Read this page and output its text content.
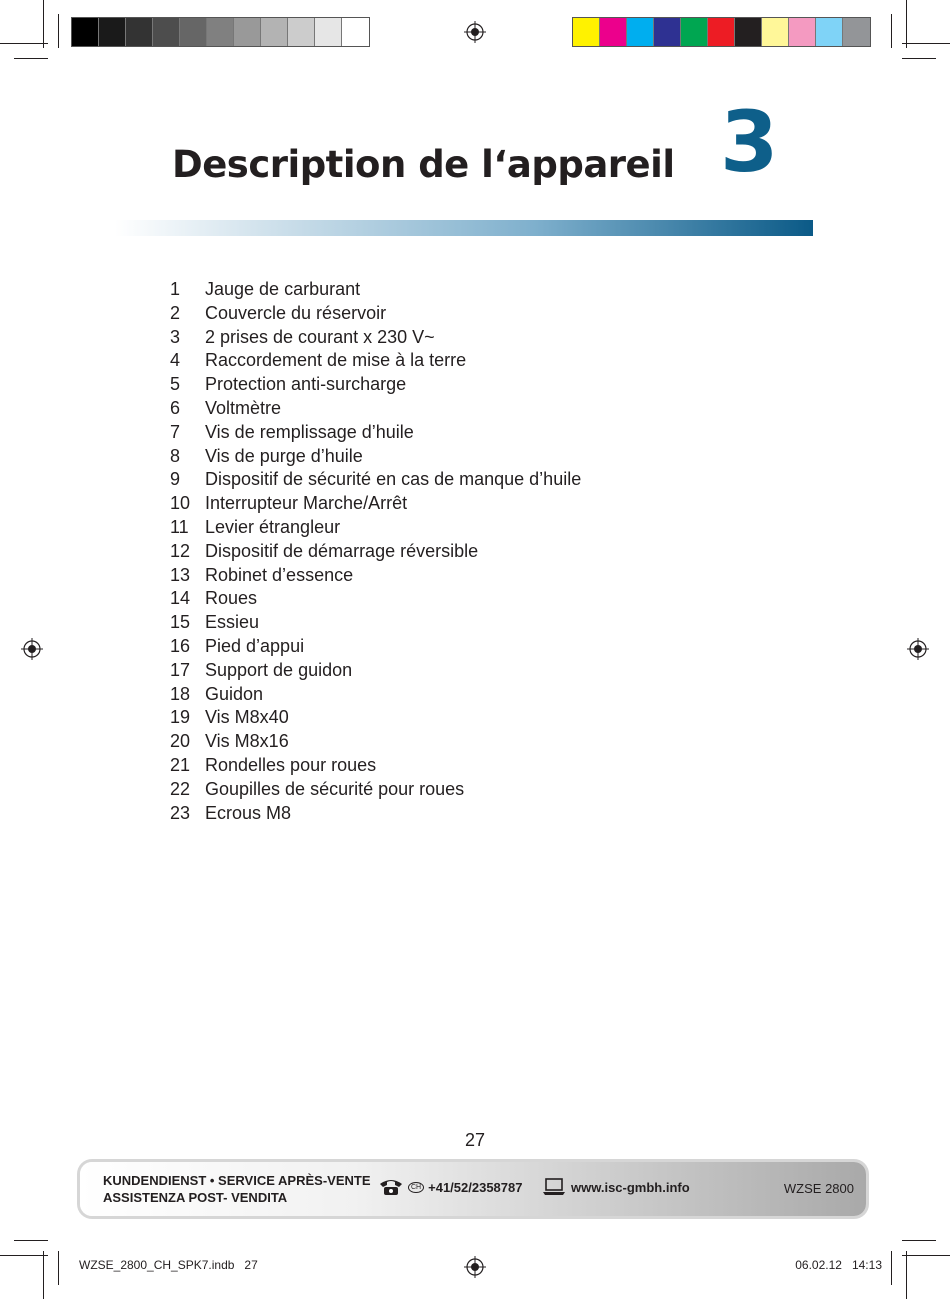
Description de l‘appareil 3
1 Jauge de carburant
2 Couvercle du réservoir
3 2 prises de courant x 230 V~
4 Raccordement de mise à la terre
5 Protection anti-surcharge
6 Voltmètre
7 Vis de remplissage d’huile
8 Vis de purge d’huile
9 Dispositif de sécurité en cas de manque d’huile
10 Interrupteur Marche/Arrêt
11 Levier étrangleur
12 Dispositif de démarrage réversible
13 Robinet d’essence
14 Roues
15 Essieu
16 Pied d’appui
17 Support de guidon
18 Guidon
19 Vis M8x40
20 Vis M8x16
21 Rondelles pour roues
22 Goupilles de sécurité pour roues
23 Ecrous M8
27
KUNDENDIENST • SERVICE APRÈS-VENTE
ASSISTENZA POST- VENDITA
CH +41/52/2358787	www.isc-gmbh.info	WZSE 2800
WZSE_2800_CH_SPK7.indb   27	06.02.12   14:13
